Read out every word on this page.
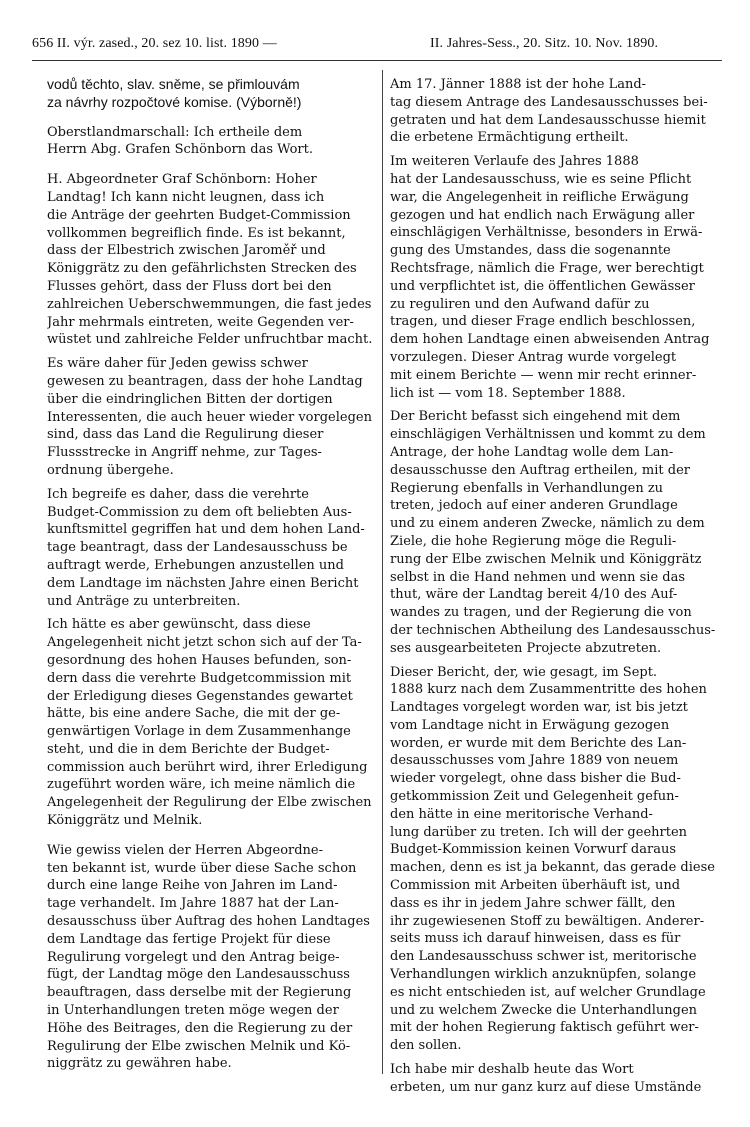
656 II. výr. zased., 20. sez 10. list. 1890 —	II. Jahres-Sess., 20. Sitz. 10. Nov. 1890.
vodů těchto, slav. sněme, se přimlouvám
za návrhy rozpočtové komise. (Výborně!)
Oberstlandmarschall: Ich ertheile dem
Herrn Abg. Grafen Schönborn das Wort.
H. Abgeordneter Graf Schönborn: Hoher
Landtag! Ich kann nicht leugnen, dass ich
die Anträge der geehrten Budget-Commission
vollkommen begreiflich finde. Es ist bekannt,
dass der Elbestrich zwischen Jaroměř und
Königgrätz zu den gefährlichsten Strecken des
Flusses gehört, dass der Fluss dort bei den
zahlreichen Ueberschwemmungen, die fast jedes
Jahr mehrmals eintreten, weite Gegenden ver-
wüstet und zahlreiche Felder unfruchtbar macht.
Es wäre daher für Jeden gewiss schwer
gewesen zu beantragen, dass der hohe Landtag
über die eindringlichen Bitten der dortigen
Interessenten, die auch heuer wieder vorgelegen
sind, dass das Land die Regulirung dieser
Flussstrecke in Angriff nehme, zur Tages-
ordnung übergehe.
Ich begreife es daher, dass die verehrte
Budget-Commission zu dem oft beliebten Aus-
kunftsmittel gegriffen hat und dem hohen Land-
tage beantragt, dass der Landesausschuss be
auftragt werde, Erhebungen anzustellen und
dem Landtage im nächsten Jahre einen Bericht
und Anträge zu unterbreiten.
Ich hätte es aber gewünscht, dass diese
Angelegenheit nicht jetzt schon sich auf der Ta-
gesordnung des hohen Hauses befunden, son-
dern dass die verehrte Budgetcommission mit
der Erledigung dieses Gegenstandes gewartet
hätte, bis eine andere Sache, die mit der ge-
genwärtigen Vorlage in dem Zusammenhange
steht, und die in dem Berichte der Budget-
commission auch berührt wird, ihrer Erledigung
zugeführt worden wäre, ich meine nämlich die
Angelegenheit der Regulirung der Elbe zwischen
Königgrätz und Melnik.
Wie gewiss vielen der Herren Abgeordne-
ten bekannt ist, wurde über diese Sache schon
durch eine lange Reihe von Jahren im Land-
tage verhandelt. Im Jahre 1887 hat der Lan-
desausschuss über Auftrag des hohen Landtages
dem Landtage das fertige Projekt für diese
Regulirung vorgelegt und den Antrag beige-
fügt, der Landtag möge den Landesausschuss
beauftragen, dass derselbe mit der Regierung
in Unterhandlungen treten möge wegen der
Höhe des Beitrages, den die Regierung zu der
Regulirung der Elbe zwischen Melnik und Kö-
niggrätz zu gewähren habe.
Am 17. Jänner 1888 ist der hohe Land-
tag diesem Antrage des Landesausschusses bei-
getraten und hat dem Landesausschusse hiemit
die erbetene Ermächtigung ertheilt.
Im weiteren Verlaufe des Jahres 1888
hat der Landesausschuss, wie es seine Pflicht
war, die Angelegenheit in reifliche Erwägung
gezogen und hat endlich nach Erwägung aller
einschlägigen Verhältnisse, besonders in Erwä-
gung des Umstandes, dass die sogenannte
Rechtsfrage, nämlich die Frage, wer berechtigt
und verpflichtet ist, die öffentlichen Gewässer
zu reguliren und den Aufwand dafür zu
tragen, und dieser Frage endlich beschlossen,
dem hohen Landtage einen abweisenden Antrag
vorzulegen. Dieser Antrag wurde vorgelegt
mit einem Berichte — wenn mir recht erinner-
lich ist — vom 18. September 1888.
Der Bericht befasst sich eingehend mit dem
einschlägigen Verhältnissen und kommt zu dem
Antrage, der hohe Landtag wolle dem Lan-
desausschusse den Auftrag ertheilen, mit der
Regierung ebenfalls in Verhandlungen zu
treten, jedoch auf einer anderen Grundlage
und zu einem anderen Zwecke, nämlich zu dem
Ziele, die hohe Regierung möge die Reguli-
rung der Elbe zwischen Melnik und Königgrätz
selbst in die Hand nehmen und wenn sie das
thut, wäre der Landtag bereit 4/10 des Auf-
wandes zu tragen, und der Regierung die von
der technischen Abtheilung des Landesausschus-
ses ausgearbeiteten Projecte abzutreten.
Dieser Bericht, der, wie gesagt, im Sept.
1888 kurz nach dem Zusammentritte des hohen
Landtages vorgelegt worden war, ist bis jetzt
vom Landtage nicht in Erwägung gezogen
worden, er wurde mit dem Berichte des Lan-
desausschusses vom Jahre 1889 von neuem
wieder vorgelegt, ohne dass bisher die Bud-
getkommission Zeit und Gelegenheit gefun-
den hätte in eine meritorische Verhand-
lung darüber zu treten. Ich will der geehrten
Budget-Kommission keinen Vorwurf daraus
machen, denn es ist ja bekannt, das gerade diese
Commission mit Arbeiten überhäuft ist, und
dass es ihr in jedem Jahre schwer fällt, den
ihr zugewiesenen Stoff zu bewältigen. Anderer-
seits muss ich darauf hinweisen, dass es für
den Landesausschuss schwer ist, meritorische
Verhandlungen wirklich anzuknüpfen, solange
es nicht entschieden ist, auf welcher Grundlage
und zu welchem Zwecke die Unterhandlungen
mit der hohen Regierung faktisch geführt wer-
den sollen.
Ich habe mir deshalb heute das Wort
erbeten, um nur ganz kurz auf diese Umstände
